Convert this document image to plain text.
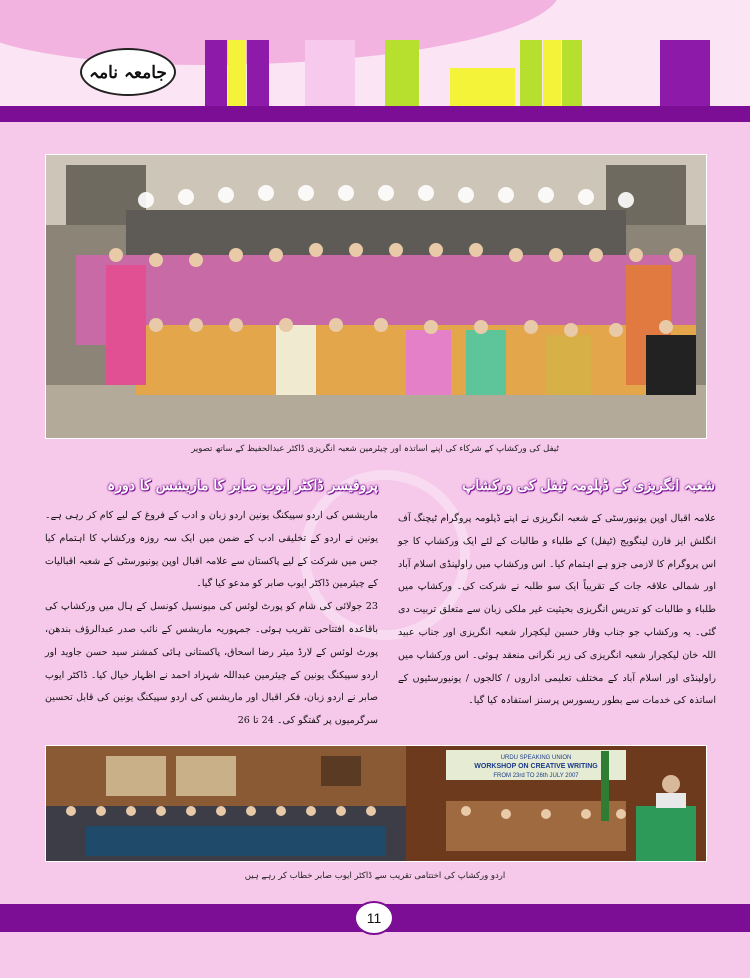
جامعہ نامہ
ٹیفل کی ورکشاپ کے شرکاء کی اپنے اساتذہ اور چیئرمین شعبہ انگریزی ڈاکٹر عبدالحفیظ کے ساتھ تصویر
شعبہ انگریزی کے ڈپلومہ ٹیفل کی ورکشاپ

علامہ اقبال اوپن یونیورسٹی کے شعبہ انگریزی نے اپنے ڈپلومہ پروگرام ٹیچنگ آف انگلش ایز فارن لینگویج (ٹیفل) کے طلباء و طالبات کے لئے ایک ورکشاپ کا جو اس پروگرام کا لازمی جزو ہے اہتمام کیا۔ اس ورکشاپ میں راولپنڈی اسلام آباد اور شمالی علاقہ جات کے تقریباً ایک سو طلبہ نے شرکت کی۔ ورکشاپ میں طلباء و طالبات کو تدریس انگریزی بحیثیت غیر ملکی زبان سے متعلق تربیت دی گئی۔ یہ ورکشاپ جو جناب وقار حسین لیکچرار شعبہ انگریزی اور جناب عبید اللہ خان لیکچرار شعبہ انگریزی کی زیر نگرانی منعقد ہوئی۔ اس ورکشاپ میں راولپنڈی اور اسلام آباد کے مختلف تعلیمی اداروں / کالجوں / یونیورسٹیوں کے اساتذہ کی خدمات سے بطور ریسورس پرسنز استفادہ کیا گیا۔

پروفیسر ڈاکٹر ایوب صابر کا ماریشس کا دورہ

ماریشس کی اردو سپیکنگ یونین اردو زبان و ادب کے فروغ کے لیے کام کر رہی ہے۔ یونین نے اردو کے تخلیقی ادب کے ضمن میں ایک سہ روزہ ورکشاپ کا اہتمام کیا جس میں شرکت کے لیے پاکستان سے علامہ اقبال اوپن یونیورسٹی کے شعبہ اقبالیات کے چیئرمین ڈاکٹر ایوب صابر کو مدعو کیا گیا۔

23 جولائی کی شام کو پورٹ لوئس کی میونسپل کونسل کے ہال میں ورکشاپ کی باقاعدہ افتتاحی تقریب ہوئی۔ جمہوریہ ماریشس کے نائب صدر عبدالرؤف بندھن، پورٹ لوئس کے لارڈ میئر رضا اسحاق، پاکستانی ہائی کمشنر سید حسن جاوید اور اردو سپیکنگ یونین کے چیئرمین عبداللہ شہزاد احمد نے اظہار خیال کیا۔ ڈاکٹر ایوب صابر نے اردو زبان، فکر اقبال اور ماریشس کی اردو سپیکنگ یونین کی قابل تحسین سرگرمیوں پر گفتگو کی۔ 24 تا 26

URDU SPEAKING UNION
WORKSHOP ON CREATIVE WRITING
FROM 23rd TO 26th JULY 2007
اردو ورکشاپ کی اختتامی تقریب سے ڈاکٹر ایوب صابر خطاب کر رہے ہیں
11
